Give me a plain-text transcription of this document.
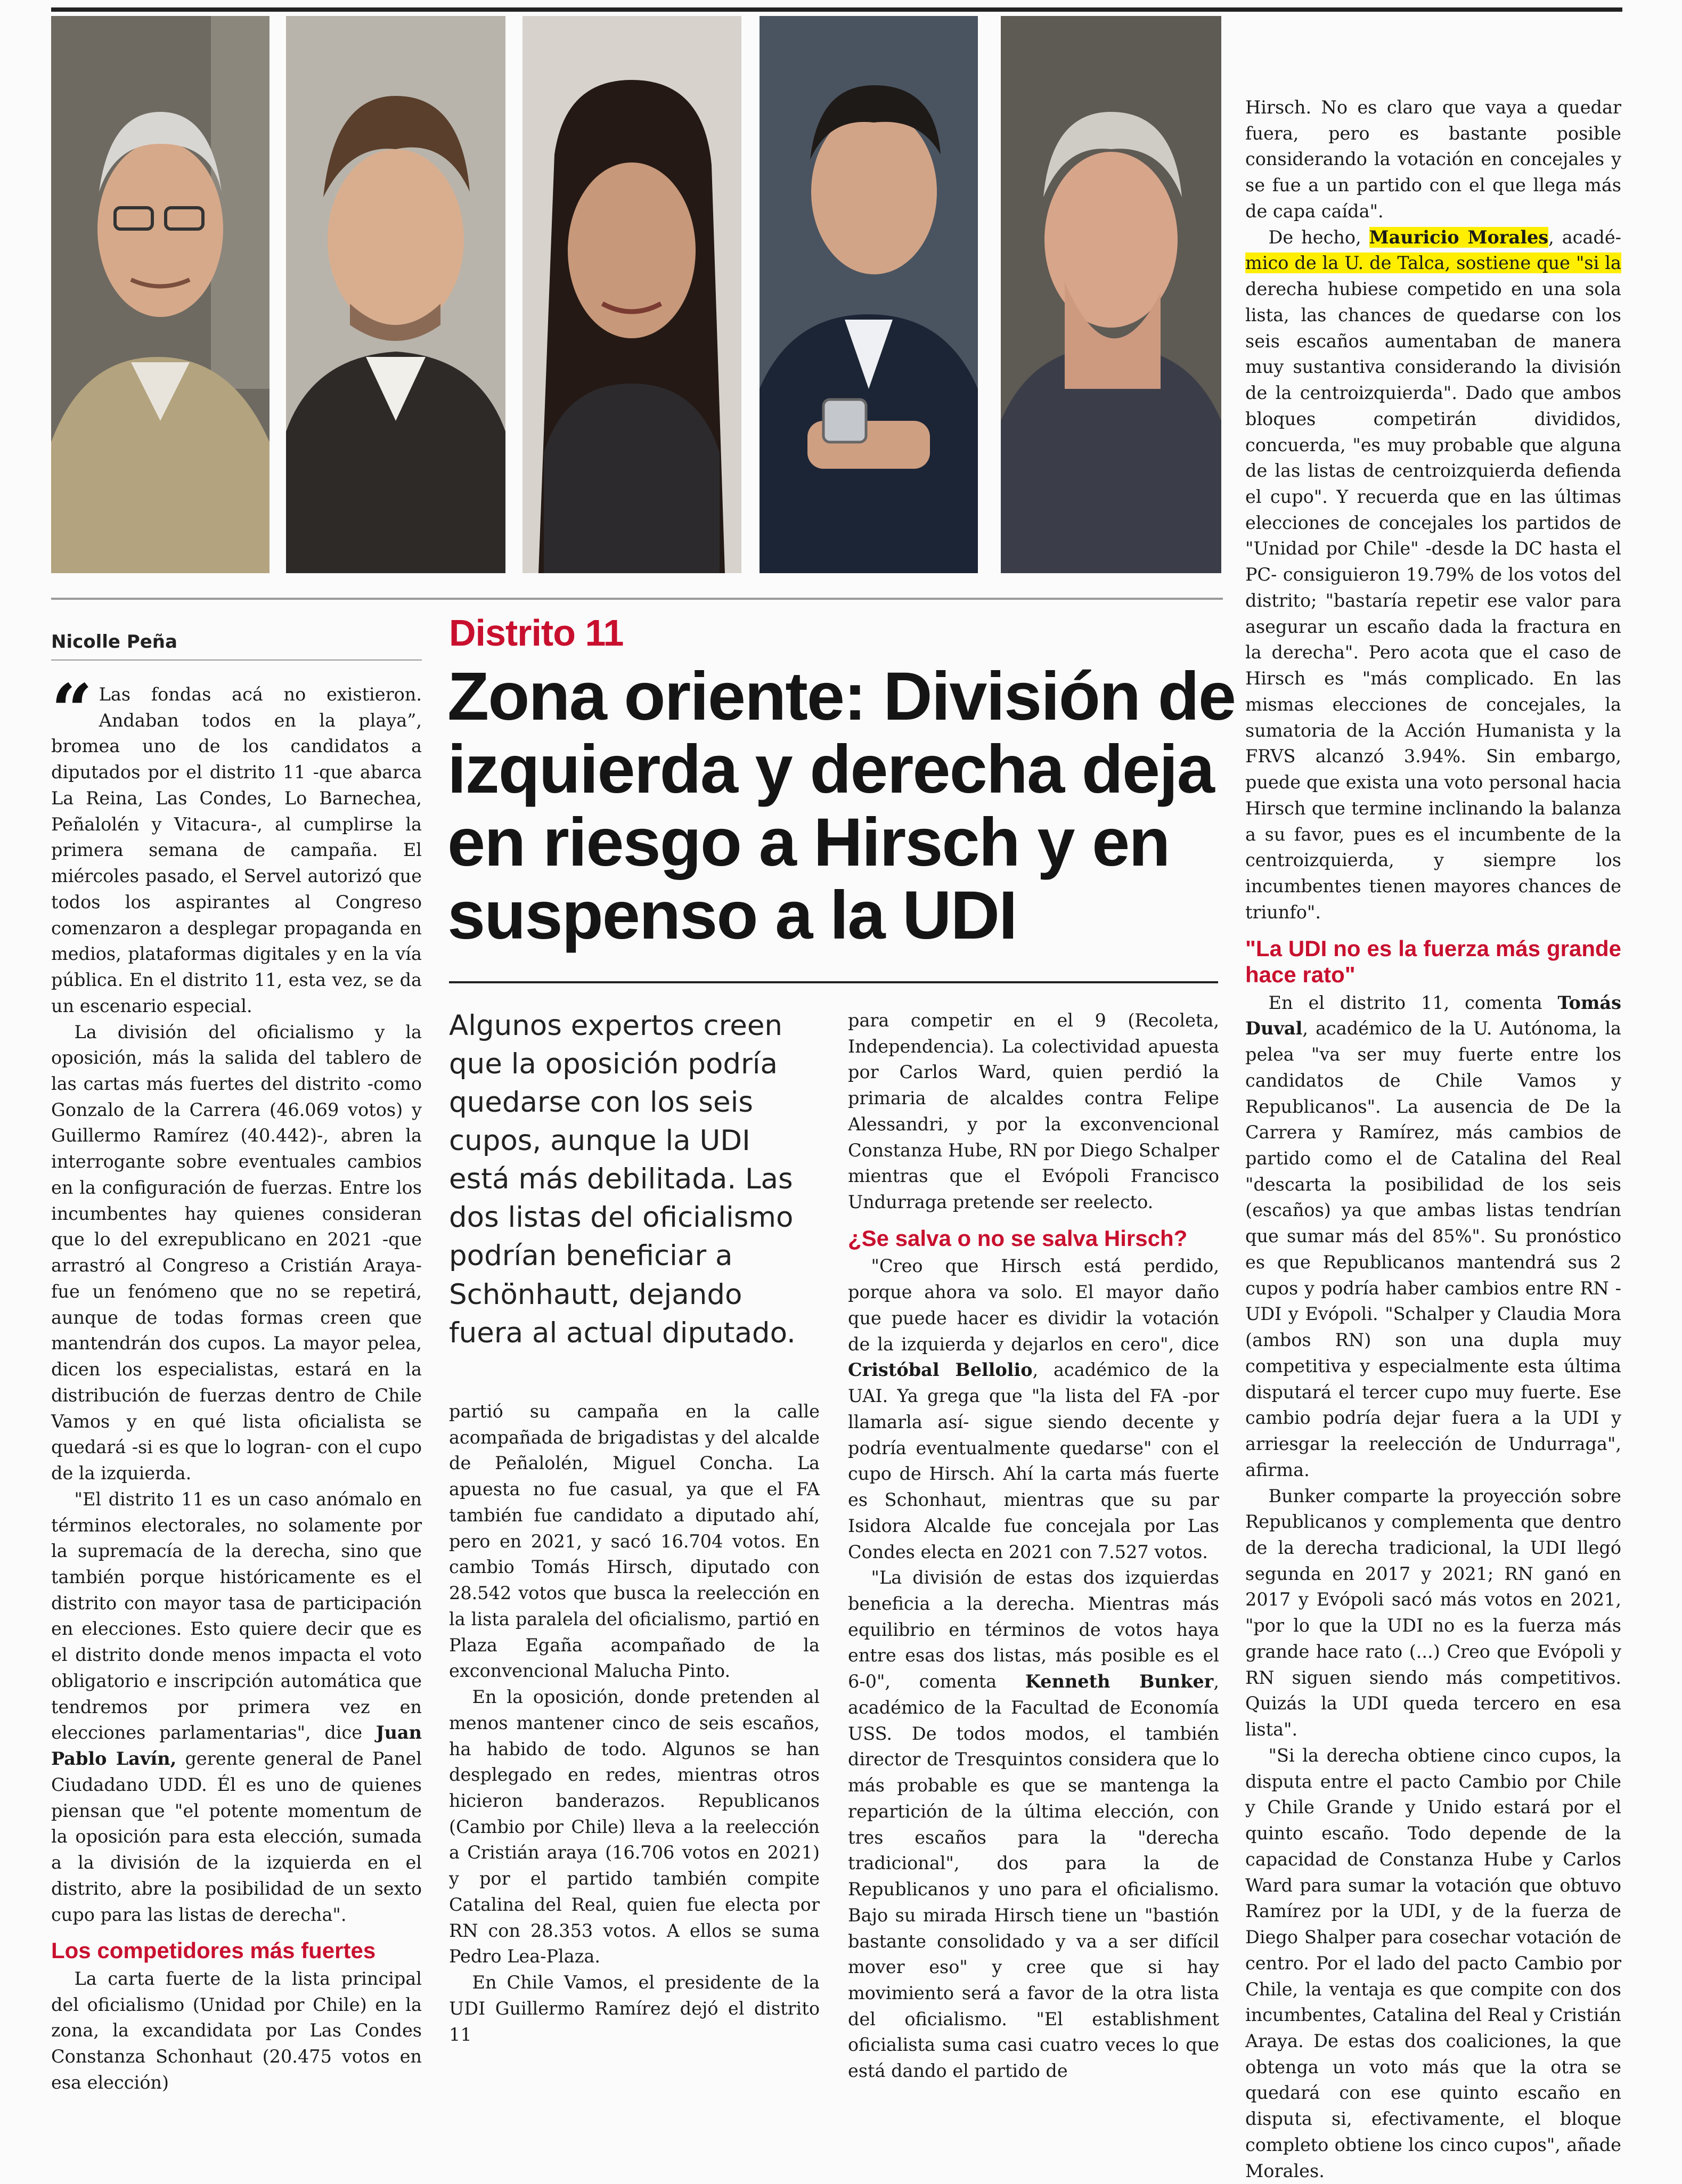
Nicolle Peña	Distrito 11
Zona oriente: División de izquierda y derecha deja en riesgo a Hirsch y en suspenso a la UDI

Algunos expertos creen que la oposición podría quedarse con los seis cupos, aunque la UDI está más debilitada. Las dos listas del oficialismo podrían beneficiar a Schönhautt, dejando fuera al actual diputado.

“ Las fondas acá no existieron. Andaban todos en la playa”, bromea uno de los candidatos a diputados por el distrito 11 -que abarca La Reina, Las Condes, Lo Barnechea, Peñalolén y Vitacura-, al cumplirse la primera semana de campaña. El miércoles pasado, el Servel autorizó que todos los aspirantes al Congreso comenzaron a desplegar propaganda en medios, plataformas digitales y en la vía pública. En el distrito 11, esta vez, se da un escenario especial.

La división del oficialismo y la oposición, más la salida del tablero de las cartas más fuertes del distrito -como Gonzalo de la Carrera (46.069 votos) y Guillermo Ramírez (40.442)-, abren la interrogante sobre eventuales cambios en la configuración de fuerzas. Entre los incumbentes hay quienes consideran que lo del exrepublicano en 2021 -que arrastró al Congreso a Cristián Araya- fue un fenómeno que no se repetirá, aunque de todas formas creen que mantendrán dos cupos. La mayor pelea, dicen los especialistas, estará en la distribución de fuerzas dentro de Chile Vamos y en qué lista oficialista se quedará -si es que lo logran- con el cupo de la izquierda.

"El distrito 11 es un caso anómalo en términos electorales, no solamente por la supremacía de la derecha, sino que también porque históricamente es el distrito con mayor tasa de participación en elecciones. Esto quiere decir que es el distrito donde menos impacta el voto obligatorio e inscripción automática que tendremos por primera vez en elecciones parlamentarias", dice Juan Pablo Lavín, gerente general de Panel Ciudadano UDD. Él es uno de quienes piensan que "el potente momentum de la oposición para esta elección, sumada a la división de la izquierda en el distrito, abre la posibilidad de un sexto cupo para las listas de derecha".

Los competidores más fuertes

La carta fuerte de la lista principal del oficialismo (Unidad por Chile) en la zona, la excandidata por Las Condes Constanza Schonhaut (20.475 votos en esa elección)

partió su campaña en la calle acompañada de brigadistas y del alcalde de Peñalolén, Miguel Concha. La apuesta no fue casual, ya que el FA también fue candidato a diputado ahí, pero en 2021, y sacó 16.704 votos. En cambio Tomás Hirsch, diputado con 28.542 votos que busca la reelección en la lista paralela del oficialismo, partió en Plaza Egaña acompañado de la exconvencional Malucha Pinto.

En la oposición, donde pretenden al menos mantener cinco de seis escaños, ha habido de todo. Algunos se han desplegado en redes, mientras otros hicieron banderazos. Republicanos (Cambio por Chile) lleva a la reelección a Cristián araya (16.706 votos en 2021) y por el partido también compite Catalina del Real, quien fue electa por RN con 28.353 votos. A ellos se suma Pedro Lea-Plaza.

En Chile Vamos, el presidente de la UDI Guillermo Ramírez dejó el distrito 11

para competir en el 9 (Recoleta, Independencia). La colectividad apuesta por Carlos Ward, quien perdió la primaria de alcaldes contra Felipe Alessandri, y por la exconvencional Constanza Hube, RN por Diego Schalper mientras que el Evópoli Francisco Undurraga pretende ser reelecto.

¿Se salva o no se salva Hirsch?

"Creo que Hirsch está perdido, porque ahora va solo. El mayor daño que puede hacer es dividir la votación de la izquierda y dejarlos en cero", dice Cristóbal Bellolio, académico de la UAI. Ya grega que "la lista del FA -por llamarla así- sigue siendo decente y podría eventualmente quedarse" con el cupo de Hirsch. Ahí la carta más fuerte es Schonhaut, mientras que su par Isidora Alcalde fue concejala por Las Condes electa en 2021 con 7.527 votos.

"La división de estas dos izquierdas beneficia a la derecha. Mientras más equilibrio en términos de votos haya entre esas dos listas, más posible es el 6-0", comenta Kenneth Bunker, académico de la Facultad de Economía USS. De todos modos, el también director de Tresquintos considera que lo más probable es que se mantenga la repartición de la última elección, con tres escaños para la "derecha tradicional", dos para la de Republicanos y uno para el oficialismo. Bajo su mirada Hirsch tiene un "bastión bastante consolidado y va a ser difícil mover eso" y cree que si hay movimiento será a favor de la otra lista del oficialismo. "El establishment oficialista suma casi cuatro veces lo que está dando el partido de

Hirsch. No es claro que vaya a quedar fuera, pero es bastante posible considerando la votación en concejales y se fue a un partido con el que llega más de capa caída".

De hecho, Mauricio Morales, acadé- mico de la U. de Talca, sostiene que "si la derecha hubiese competido en una sola lista, las chances de quedarse con los seis escaños aumentaban de manera muy sustantiva considerando la división de la centroizquierda". Dado que ambos bloques competirán divididos, concuerda, "es muy probable que alguna de las listas de centroizquierda defienda el cupo". Y recuerda que en las últimas elecciones de concejales los partidos de "Unidad por Chile" -desde la DC hasta el PC- consiguieron 19.79% de los votos del distrito; "bastaría repetir ese valor para asegurar un escaño dada la fractura en la derecha". Pero acota que el caso de Hirsch es "más complicado. En las mismas elecciones de concejales, la sumatoria de la Acción Humanista y la FRVS alcanzó 3.94%. Sin embargo, puede que exista una voto personal hacia Hirsch que termine inclinando la balanza a su favor, pues es el incumbente de la centroizquierda, y siempre los incumbentes tienen mayores chances de triunfo".

"La UDI no es la fuerza más grande hace rato"

En el distrito 11, comenta Tomás Duval, académico de la U. Autónoma, la pelea "va ser muy fuerte entre los candidatos de Chile Vamos y Republicanos". La ausencia de De la Carrera y Ramírez, más cambios de partido como el de Catalina del Real "descarta la posibilidad de los seis (escaños) ya que ambas listas tendrían que sumar más del 85%". Su pronóstico es que Republicanos mantendrá sus 2 cupos y podría haber cambios entre RN -UDI y Evópoli. "Schalper y Claudia Mora (ambos RN) son una dupla muy competitiva y especialmente esta última disputará el tercer cupo muy fuerte. Ese cambio podría dejar fuera a la UDI y arriesgar la reelección de Undurraga", afirma.

Bunker comparte la proyección sobre Republicanos y complementa que dentro de la derecha tradicional, la UDI llegó segunda en 2017 y 2021; RN ganó en 2017 y Evópoli sacó más votos en 2021, "por lo que la UDI no es la fuerza más grande hace rato (...) Creo que Evópoli y RN siguen siendo más competitivos. Quizás la UDI queda tercero en esa lista".

"Si la derecha obtiene cinco cupos, la disputa entre el pacto Cambio por Chile y Chile Grande y Unido estará por el quinto escaño. Todo depende de la capacidad de Constanza Hube y Carlos Ward para sumar la votación que obtuvo Ramírez por la UDI, y de la fuerza de Diego Shalper para cosechar votación de centro. Por el lado del pacto Cambio por Chile, la ventaja es que compite con dos incumbentes, Catalina del Real y Cristián Araya. De estas dos coaliciones, la que obtenga un voto más que la otra se quedará con ese quinto escaño en disputa si, efectivamente, el bloque completo obtiene los cinco cupos", añade Morales.
